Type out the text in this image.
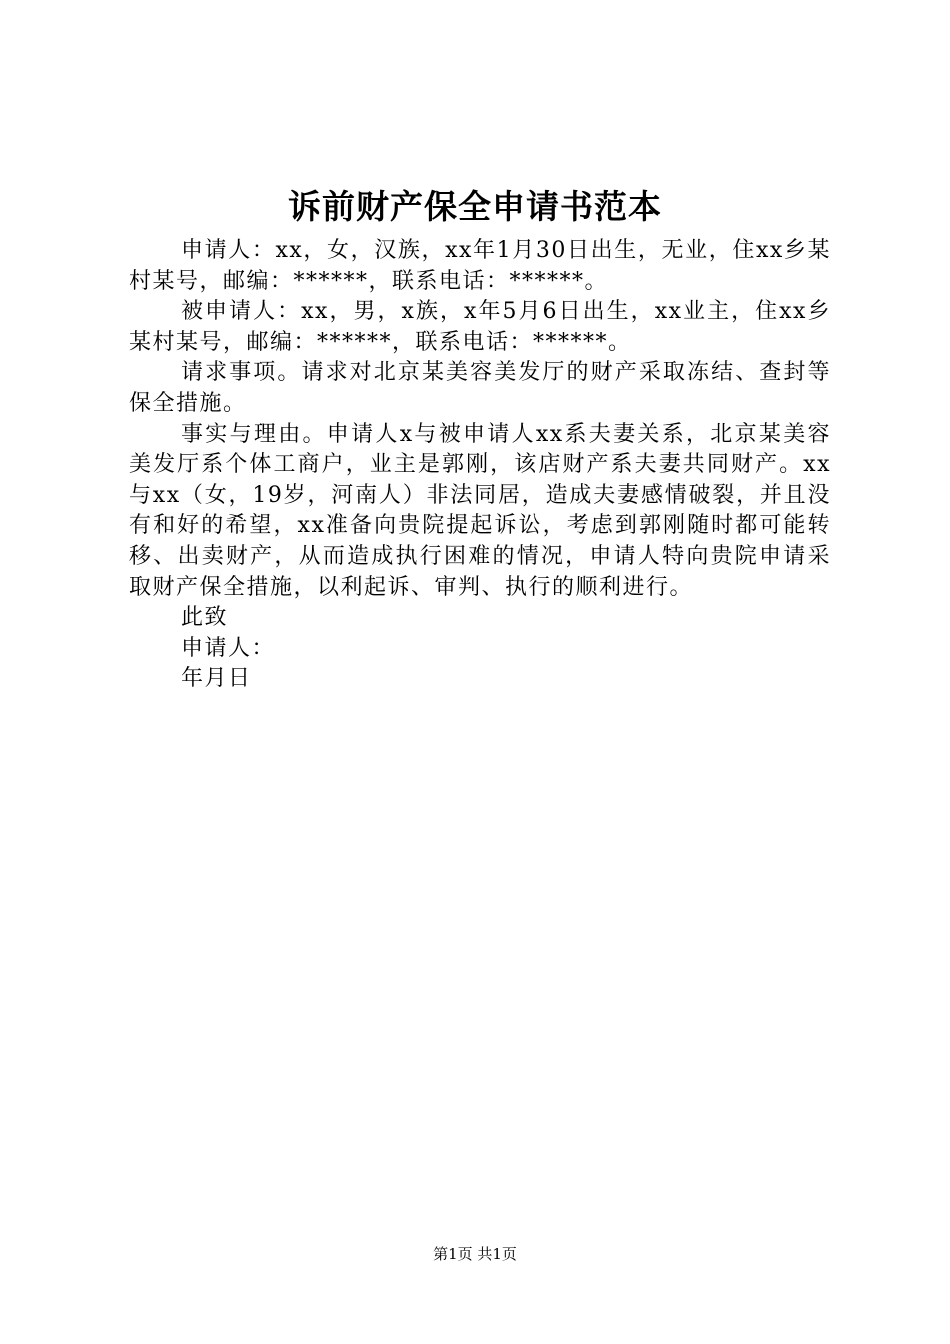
诉前财产保全申请书范本

申请人：xx，女，汉族，xx年1月30日出生，无业，住xx乡某村某号，邮编：******，联系电话：******。

被申请人：xx，男，x族，x年5月6日出生，xx业主，住xx乡某村某号，邮编：******，联系电话：******。

请求事项。请求对北京某美容美发厅的财产采取冻结、查封等保全措施。

事实与理由。申请人x与被申请人xx系夫妻关系，北京某美容美发厅系个体工商户，业主是郭刚，该店财产系夫妻共同财产。xx与xx（女，19岁，河南人）非法同居，造成夫妻感情破裂，并且没有和好的希望，xx准备向贵院提起诉讼，考虑到郭刚随时都可能转移、出卖财产，从而造成执行困难的情况，申请人特向贵院申请采取财产保全措施，以利起诉、审判、执行的顺利进行。

此致

申请人：

年月日

第1页 共1页
